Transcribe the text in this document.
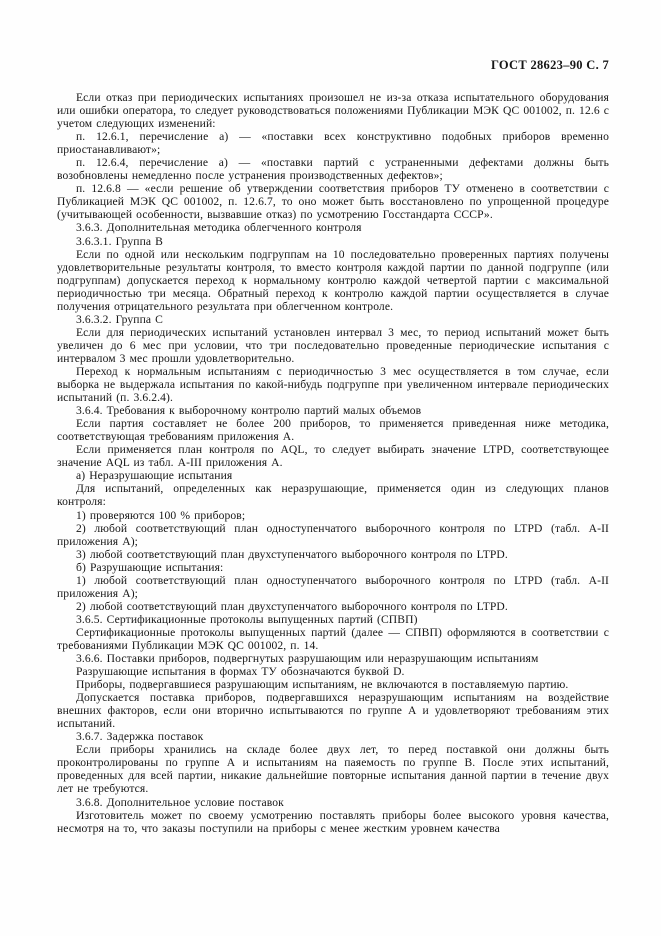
ГОСТ 28623–90 С. 7

Если отказ при периодических испытаниях произошел не из-за отказа испытательного оборудования или ошибки оператора, то следует руководствоваться положениями Публикации МЭК QC 001002, п. 12.6 с учетом следующих изменений:

п. 12.6.1, перечисление а) — «поставки всех конструктивно подобных приборов временно приостанавливают»;

п. 12.6.4, перечисление а) — «поставки партий с устраненными дефектами должны быть возобновлены немедленно после устранения производственных дефектов»;

п. 12.6.8 — «если решение об утверждении соответствия приборов ТУ отменено в соответствии с Публикацией МЭК QC 001002, п. 12.6.7, то оно может быть восстановлено по упрощенной процедуре (учитывающей особенности, вызвавшие отказ) по усмотрению Госстандарта СССР».

3.6.3. Дополнительная методика облегченного контроля

3.6.3.1. Группа В

Если по одной или нескольким подгруппам на 10 последовательно проверенных партиях получены удовлетворительные результаты контроля, то вместо контроля каждой партии по данной подгруппе (или подгруппам) допускается переход к нормальному контролю каждой четвертой партии с максимальной периодичностью три месяца. Обратный переход к контролю каждой партии осуществляется в случае получения отрицательного результата при облегченном контроле.

3.6.3.2. Группа С

Если для периодических испытаний установлен интервал 3 мес, то период испытаний может быть увеличен до 6 мес при условии, что три последовательно проведенные периодические испытания с интервалом 3 мес прошли удовлетворительно.

Переход к нормальным испытаниям с периодичностью 3 мес осуществляется в том случае, если выборка не выдержала испытания по какой-нибудь подгруппе при увеличенном интервале периодических испытаний (п. 3.6.2.4).

3.6.4. Требования к выборочному контролю партий малых объемов

Если партия составляет не более 200 приборов, то применяется приведенная ниже методика, соответствующая требованиям приложения А.

Если применяется план контроля по AQL, то следует выбирать значение LTPD, соответствующее значение AQL из табл. А-III приложения А.

а) Неразрушающие испытания

Для испытаний, определенных как неразрушающие, применяется один из следующих планов контроля:

1) проверяются 100 % приборов;

2) любой соответствующий план одноступенчатого выборочного контроля по LTPD (табл. А-II приложения А);

3) любой соответствующий план двухступенчатого выборочного контроля по LTPD.

б) Разрушающие испытания:

1) любой соответствующий план одноступенчатого выборочного контроля по LTPD (табл. А-II приложения А);

2) любой соответствующий план двухступенчатого выборочного контроля по LTPD.

3.6.5. Сертификационные протоколы выпущенных партий (СПВП)

Сертификационные протоколы выпущенных партий (далее — СПВП) оформляются в соответствии с требованиями Публикации МЭК QC 001002, п. 14.

3.6.6. Поставки приборов, подвергнутых разрушающим или неразрушающим испытаниям

Разрушающие испытания в формах ТУ обозначаются буквой D.

Приборы, подвергавшиеся разрушающим испытаниям, не включаются в поставляемую партию.

Допускается поставка приборов, подвергавшихся неразрушающим испытаниям на воздействие внешних факторов, если они вторично испытываются по группе А и удовлетворяют требованиям этих испытаний.

3.6.7. Задержка поставок

Если приборы хранились на складе более двух лет, то перед поставкой они должны быть проконтролированы по группе А и испытаниям на паяемость по группе В. После этих испытаний, проведенных для всей партии, никакие дальнейшие повторные испытания данной партии в течение двух лет не требуются.

3.6.8. Дополнительное условие поставок

Изготовитель может по своему усмотрению поставлять приборы более высокого уровня качества, несмотря на то, что заказы поступили на приборы с менее жестким уровнем качества
